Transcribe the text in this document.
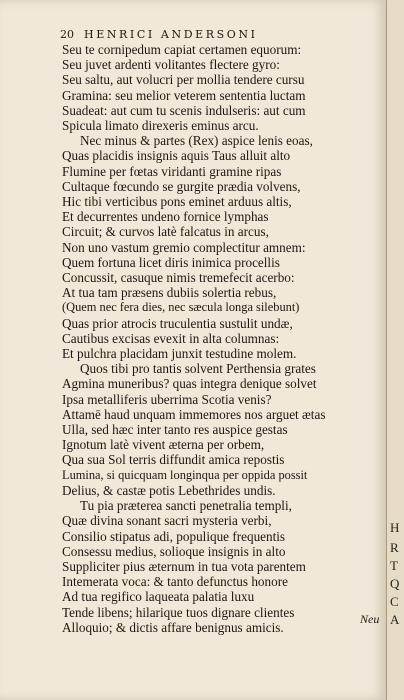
20 HENRICI ANDERSONI
Seu te cornipedum capiat certamen equorum:
Seu juvet ardenti volitantes flectere gyro:
Seu saltu, aut volucri per mollia tendere cursu
Gramina: seu melior veterem sententia luctam
Suadeat: aut cum tu scenis indulseris: aut cum
Spicula limato direxeris eminus arcu.
Nec minus & partes (Rex) aspice lenis eoas,
Quas placidis insignis aquis Taus alluit alto
Flumine per fœtas viridanti gramine ripas
Cultaque fœcundo se gurgite prædia volvens,
Hic tibi verticibus pons eminet arduus altis,
Et decurrentes undeno fornice lymphas
Circuit; & curvos latè falcatus in arcus,
Non uno vastum gremio complectitur amnem:
Quem fortuna licet diris inimica procellis
Concussit, casuque nimis tremefecit acerbo:
At tua tam præsens dubiis solertia rebus,
(Quem nec fera dies, nec sæcula longa silebunt)
Quas prior atrocis truculentia sustulit undæ,
Cautibus excisas evexit in alta columnas:
Et pulchra placidam junxit testudine molem.
Quos tibi pro tantis solvent Perthensia grates
Agmina muneribus? quas integra denique solvet
Ipsa metalliferis uberrima Scotia venis?
Attamē haud unquam immemores nos arguet ætas
Ulla, sed hæc inter tanto res auspice gestas
Ignotum latè vivent æterna per orbem,
Qua sua Sol terris diffundit amica repostis
Lumina, si quicquam longinqua per oppida possit
Delius, & castæ potis Lebethrides undis.
Tu pia præterea sancti penetralia templi,
Quæ divina sonant sacri mysteria verbi,
Consilio stipatus adi, populique frequentis
Consessu medius, solioque insignis in alto
Suppliciter pius æternum in tua vota parentem
Intemerata voca: & tanto defunctus honore
Ad tua regifico laqueata palatia luxu
Tende libens; hilarique tuos dignare clientes
Alloquio; & dictis affare benignus amicis.
Neu
H
R
T
Q
C
A
